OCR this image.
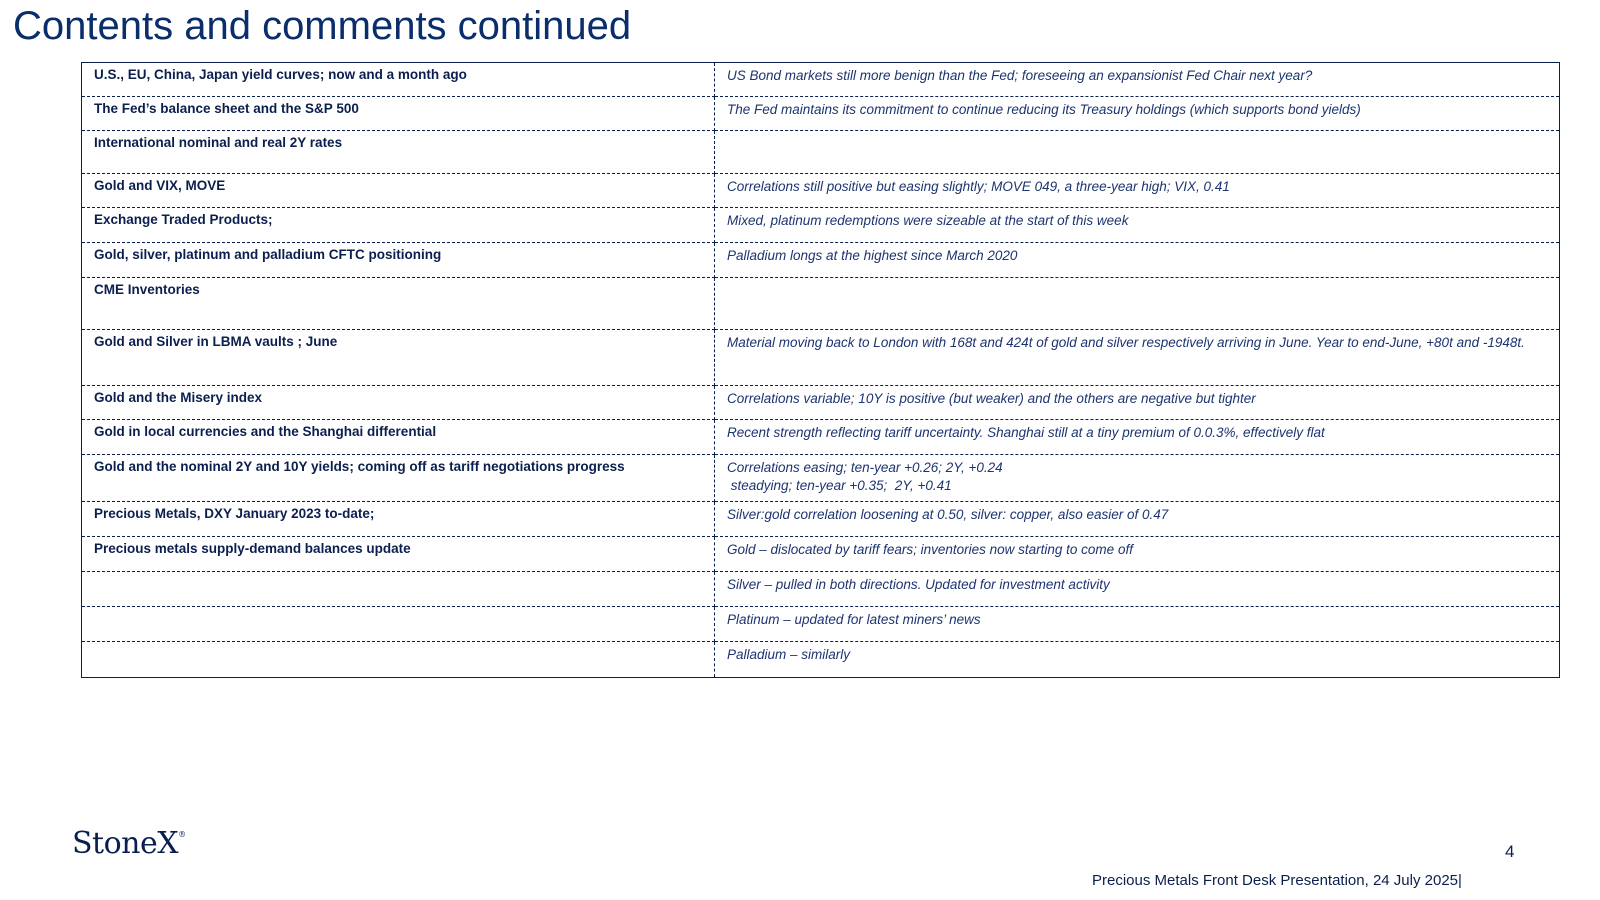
Contents and comments continued
U.S., EU, China, Japan yield curves; now and a month ago	US Bond markets still more benign than the Fed; foreseeing an expansionist Fed Chair next year?

The Fed’s balance sheet and the S&P 500	The Fed maintains its commitment to continue reducing its Treasury holdings (which supports bond yields)

International nominal and real 2Y rates	

Gold and VIX, MOVE	Correlations still positive but easing slightly; MOVE 049, a three-year high; VIX, 0.41

Exchange Traded Products;	Mixed, platinum redemptions were sizeable at the start of this week

Gold, silver, platinum and palladium CFTC positioning	Palladium longs at the highest since March 2020

CME Inventories	

Gold and Silver in LBMA vaults ; June	Material moving back to London with 168t and 424t of gold and silver respectively arriving in June. Year to end-June, +80t and -1948t.

Gold and the Misery index	Correlations variable; 10Y is positive (but weaker) and the others are negative but tighter

Gold in local currencies and the Shanghai differential	Recent strength reflecting tariff uncertainty. Shanghai still at a tiny premium of 0.0.3%, effectively flat

Gold and the nominal 2Y and 10Y yields; coming off as tariff negotiations progress	Correlations easing; ten-year +0.26; 2Y, +0.24
steadying; ten-year +0.35;  2Y, +0.41

Precious Metals, DXY January 2023 to-date;	Silver:gold correlation loosening at 0.50, silver: copper, also easier of 0.47

Precious metals supply-demand balances update	Gold – dislocated by tariff fears; inventories now starting to come off

	Silver – pulled in both directions. Updated for investment activity

	Platinum – updated for latest miners’ news

	Palladium – similarly
StoneX®
4
Precious Metals Front Desk Presentation, 24 July 2025|
